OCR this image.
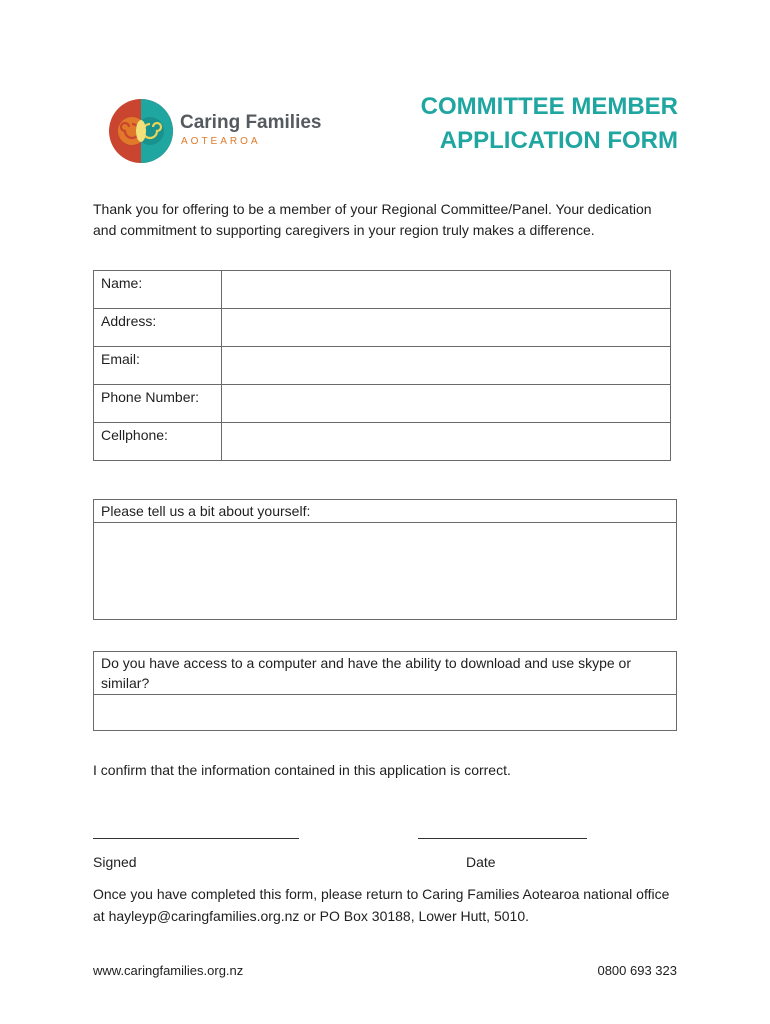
Caring Families
AOTEAROA
COMMITTEE MEMBER
APPLICATION FORM
Thank you for offering to be a member of your Regional Committee/Panel. Your dedication and commitment to supporting caregivers in your region truly makes a difference.
Name:	
Address:	
Email:	
Phone Number:	
Cellphone:	
Please tell us a bit about yourself:
Do you have access to a computer and have the ability to download and use skype or similar?
I confirm that the information contained in this application is correct.
Signed	Date
Once you have completed this form, please return to Caring Families Aotearoa national office at hayleyp@caringfamilies.org.nz or PO Box 30188, Lower Hutt, 5010.
www.caringfamilies.org.nz	0800 693 323
